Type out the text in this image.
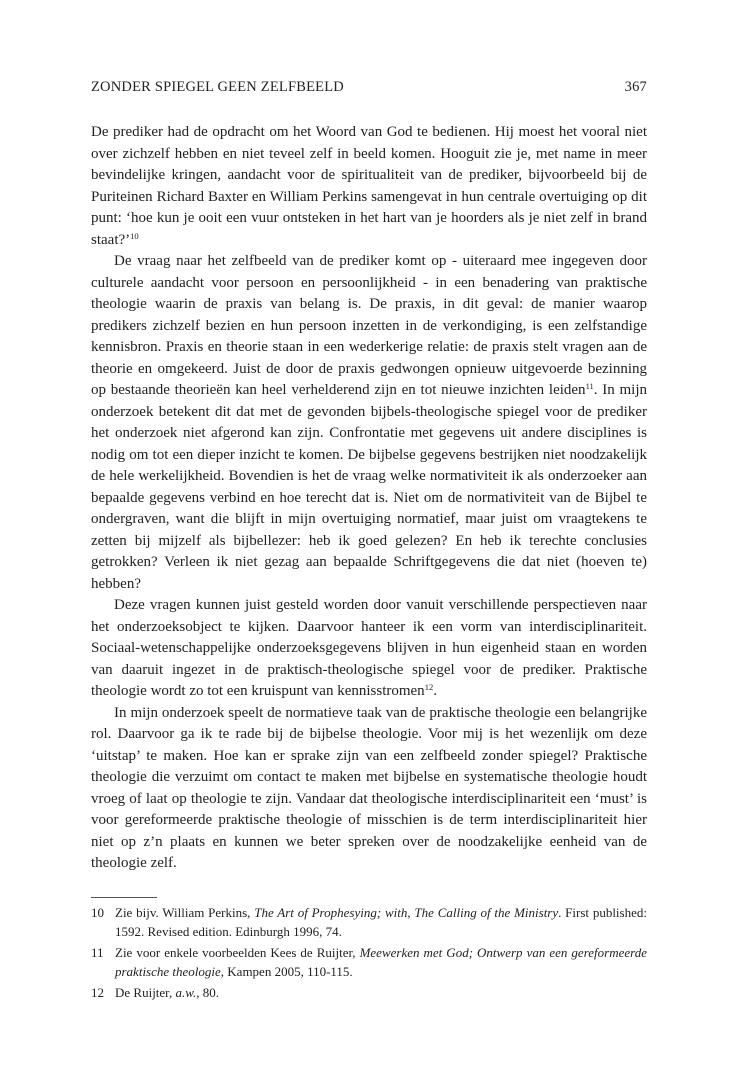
ZONDER SPIEGEL GEEN ZELFBEELD	367

De prediker had de opdracht om het Woord van God te bedienen. Hij moest het vooral niet over zichzelf hebben en niet teveel zelf in beeld komen. Hooguit zie je, met name in meer bevindelijke kringen, aandacht voor de spiritualiteit van de prediker, bijvoorbeeld bij de Puriteinen Richard Baxter en William Perkins samengevat in hun centrale overtuiging op dit punt: ‘hoe kun je ooit een vuur ontsteken in het hart van je hoorders als je niet zelf in brand staat?’$^{10}$

De vraag naar het zelfbeeld van de prediker komt op - uiteraard mee ingegeven door culturele aandacht voor persoon en persoonlijkheid - in een benadering van praktische theologie waarin de praxis van belang is. De praxis, in dit geval: de manier waarop predikers zichzelf bezien en hun persoon inzetten in de verkondiging, is een zelfstandige kennisbron. Praxis en theorie staan in een wederkerige relatie: de praxis stelt vragen aan de theorie en omgekeerd. Juist de door de praxis gedwongen opnieuw uitgevoerde bezinning op bestaande theorieën kan heel verhelderend zijn en tot nieuwe inzichten leiden$^{11}$. In mijn onderzoek betekent dit dat met de gevonden bijbels-theologische spiegel voor de prediker het onderzoek niet afgerond kan zijn. Confrontatie met gegevens uit andere disciplines is nodig om tot een dieper inzicht te komen. De bijbelse gegevens bestrijken niet noodzakelijk de hele werkelijkheid. Bovendien is het de vraag welke normativiteit ik als onderzoeker aan bepaalde gegevens verbind en hoe terecht dat is. Niet om de normativiteit van de Bijbel te ondergraven, want die blijft in mijn overtuiging normatief, maar juist om vraagtekens te zetten bij mijzelf als bijbellezer: heb ik goed gelezen? En heb ik terechte conclusies getrokken? Verleen ik niet gezag aan bepaalde Schriftgegevens die dat niet (hoeven te) hebben?

Deze vragen kunnen juist gesteld worden door vanuit verschillende perspectieven naar het onderzoeksobject te kijken. Daarvoor hanteer ik een vorm van interdisciplinariteit. Sociaal-wetenschappelijke onderzoeksgegevens blijven in hun eigenheid staan en worden van daaruit ingezet in de praktisch-theologische spiegel voor de prediker. Praktische theologie wordt zo tot een kruispunt van kennisstromen$^{12}$.

In mijn onderzoek speelt de normatieve taak van de praktische theologie een belangrijke rol. Daarvoor ga ik te rade bij de bijbelse theologie. Voor mij is het wezenlijk om deze ‘uitstap’ te maken. Hoe kan er sprake zijn van een zelfbeeld zonder spiegel? Praktische theologie die verzuimt om contact te maken met bijbelse en systematische theologie houdt vroeg of laat op theologie te zijn. Vandaar dat theologische interdisciplinariteit een ‘must’ is voor gereformeerde praktische theologie of misschien is de term interdisciplinariteit hier niet op z’n plaats en kunnen we beter spreken over de noodzakelijke eenheid van de theologie zelf.

10 Zie bijv. William Perkins, The Art of Prophesying; with, The Calling of the Ministry. First published: 1592. Revised edition. Edinburgh 1996, 74.
11 Zie voor enkele voorbeelden Kees de Ruijter, Meewerken met God; Ontwerp van een gereformeerde praktische theologie, Kampen 2005, 110-115.
12 De Ruijter, a.w., 80.
